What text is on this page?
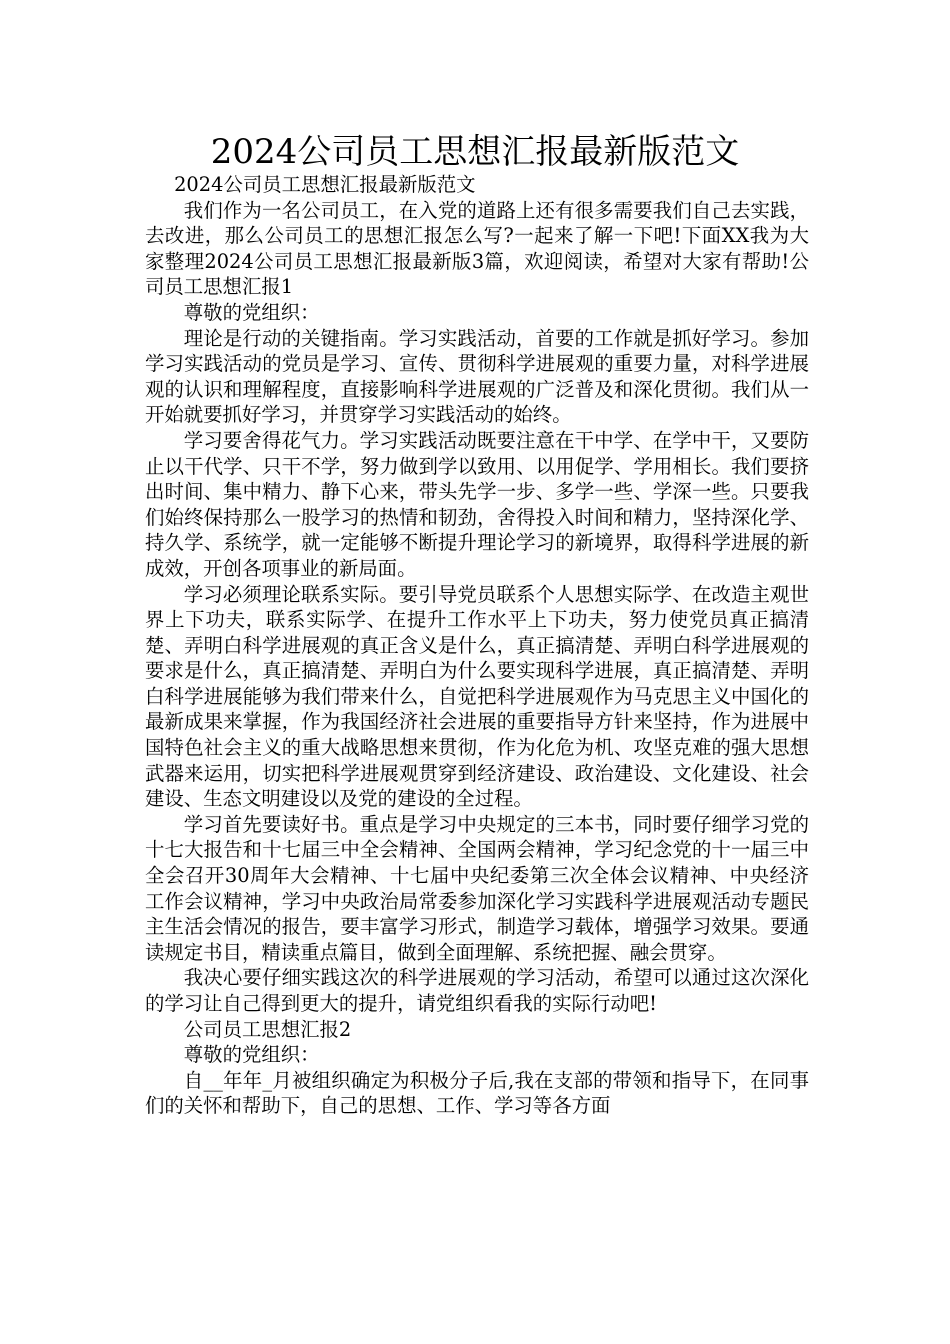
2024公司员工思想汇报最新版范文

2024公司员工思想汇报最新版范文

我们作为一名公司员工，在入党的道路上还有很多需要我们自己去实践，去改进，那么公司员工的思想汇报怎么写?一起来了解一下吧!下面XX我为大家整理2024公司员工思想汇报最新版3篇，欢迎阅读，希望对大家有帮助!公司员工思想汇报1

尊敬的党组织：

理论是行动的关键指南。学习实践活动，首要的工作就是抓好学习。参加学习实践活动的党员是学习、宣传、贯彻科学进展观的重要力量，对科学进展观的认识和理解程度，直接影响科学进展观的广泛普及和深化贯彻。我们从一开始就要抓好学习，并贯穿学习实践活动的始终。

学习要舍得花气力。学习实践活动既要注意在干中学、在学中干，又要防止以干代学、只干不学，努力做到学以致用、以用促学、学用相长。我们要挤出时间、集中精力、静下心来，带头先学一步、多学一些、学深一些。只要我们始终保持那么一股学习的热情和韧劲，舍得投入时间和精力，坚持深化学、持久学、系统学，就一定能够不断提升理论学习的新境界，取得科学进展的新成效，开创各项事业的新局面。

学习必须理论联系实际。要引导党员联系个人思想实际学、在改造主观世界上下功夫，联系实际学、在提升工作水平上下功夫，努力使党员真正搞清楚、弄明白科学进展观的真正含义是什么，真正搞清楚、弄明白科学进展观的要求是什么，真正搞清楚、弄明白为什么要实现科学进展，真正搞清楚、弄明白科学进展能够为我们带来什么，自觉把科学进展观作为马克思主义中国化的最新成果来掌握，作为我国经济社会进展的重要指导方针来坚持，作为进展中国特色社会主义的重大战略思想来贯彻，作为化危为机、攻坚克难的强大思想武器来运用，切实把科学进展观贯穿到经济建设、政治建设、文化建设、社会建设、生态文明建设以及党的建设的全过程。

学习首先要读好书。重点是学习中央规定的三本书，同时要仔细学习党的十七大报告和十七届三中全会精神、全国两会精神，学习纪念党的十一届三中全会召开30周年大会精神、十七届中央纪委第三次全体会议精神、中央经济工作会议精神，学习中央政治局常委参加深化学习实践科学进展观活动专题民主生活会情况的报告，要丰富学习形式，制造学习载体，增强学习效果。要通读规定书目，精读重点篇目，做到全面理解、系统把握、融会贯穿。

我决心要仔细实践这次的科学进展观的学习活动，希望可以通过这次深化的学习让自己得到更大的提升，请党组织看我的实际行动吧!

公司员工思想汇报2

尊敬的党组织：

自__年年_月被组织确定为积极分子后,我在支部的带领和指导下，在同事们的关怀和帮助下，自己的思想、工作、学习等各方面
